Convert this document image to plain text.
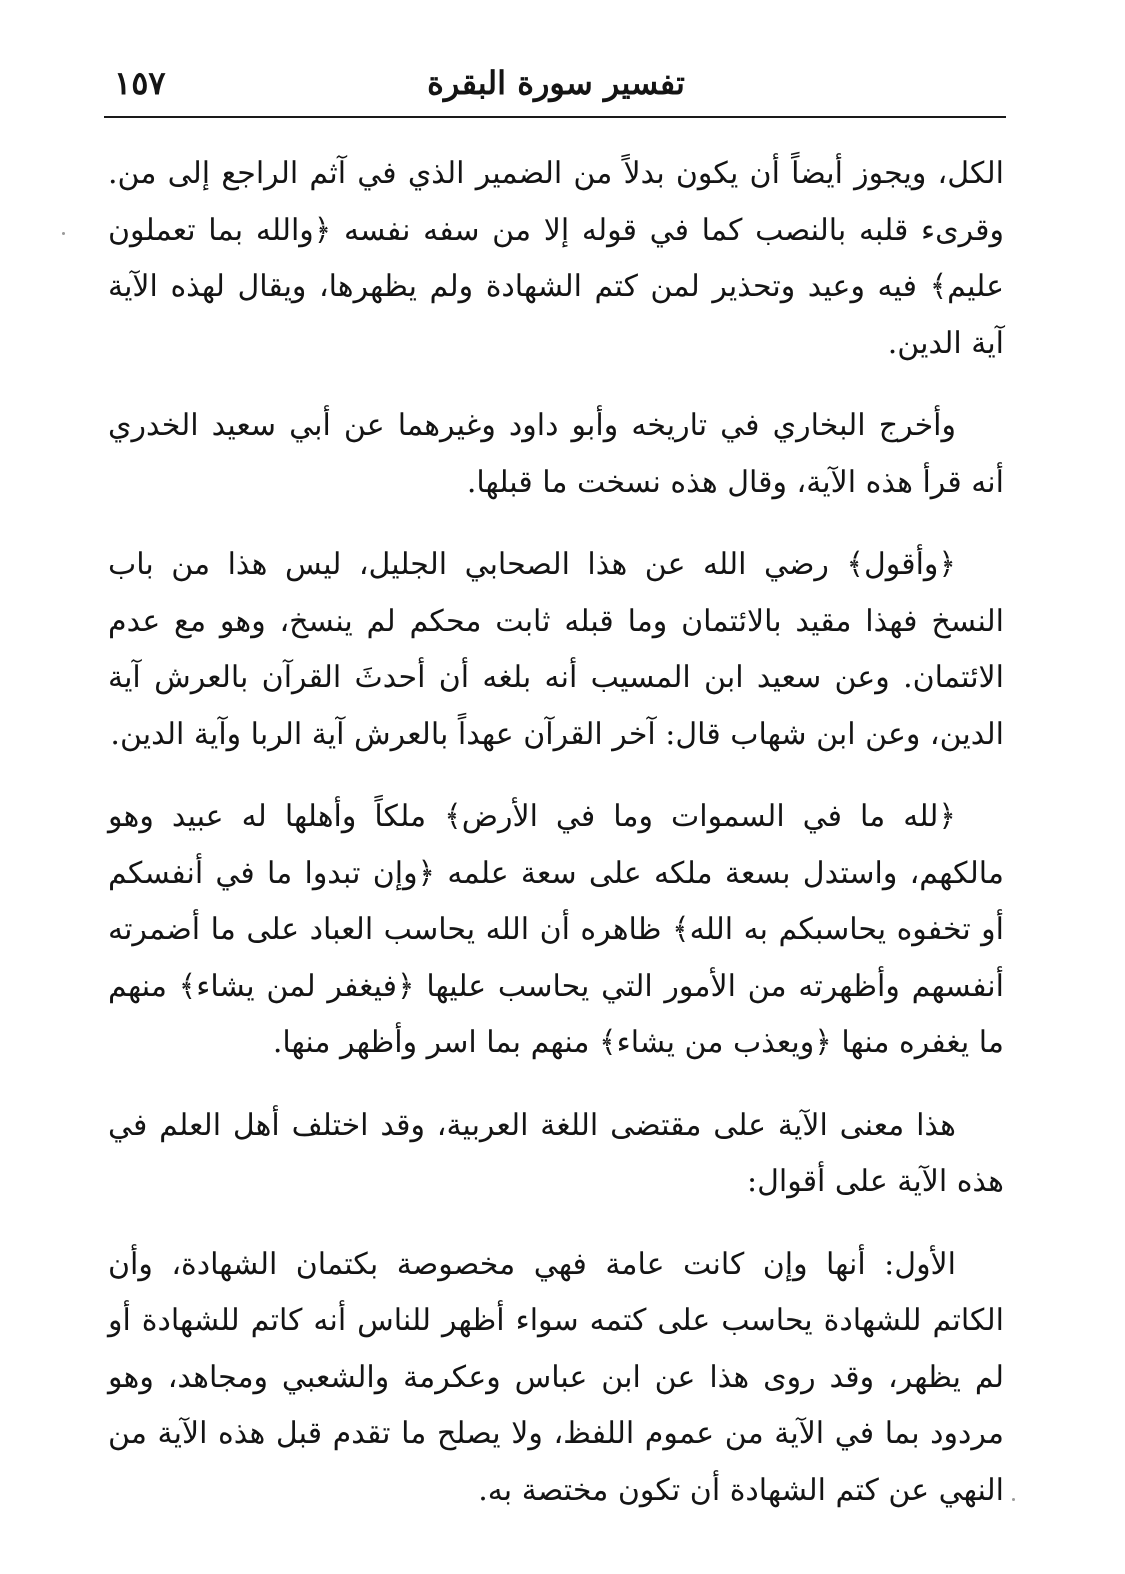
١٥٧	تفسير سورة البقرة

الكل، ويجوز أيضاً أن يكون بدلاً من الضمير الذي في آثم الراجع إلى من. وقرىء قلبه بالنصب كما في قوله إلا من سفه نفسه ﴿والله بما تعملون عليم﴾ فيه وعيد وتحذير لمن كتم الشهادة ولم يظهرها، ويقال لهذه الآية آية الدين.

وأخرج البخاري في تاريخه وأبو داود وغيرهما عن أبي سعيد الخدري أنه قرأ هذه الآية، وقال هذه نسخت ما قبلها.

﴿وأقول﴾ رضي الله عن هذا الصحابي الجليل، ليس هذا من باب النسخ فهذا مقيد بالائتمان وما قبله ثابت محكم لم ينسخ، وهو مع عدم الائتمان. وعن سعيد ابن المسيب أنه بلغه أن أحدثَ القرآن بالعرش آية الدين، وعن ابن شهاب قال: آخر القرآن عهداً بالعرش آية الربا وآية الدين.

﴿لله ما في السموات وما في الأرض﴾ ملكاً وأهلها له عبيد وهو مالكهم، واستدل بسعة ملكه على سعة علمه ﴿وإن تبدوا ما في أنفسكم أو تخفوه يحاسبكم به الله﴾ ظاهره أن الله يحاسب العباد على ما أضمرته أنفسهم وأظهرته من الأمور التي يحاسب عليها ﴿فيغفر لمن يشاء﴾ منهم ما يغفره منها ﴿ويعذب من يشاء﴾ منهم بما اسر وأظهر منها.

هذا معنى الآية على مقتضى اللغة العربية، وقد اختلف أهل العلم في هذه الآية على أقوال:

الأول: أنها وإن كانت عامة فهي مخصوصة بكتمان الشهادة، وأن الكاتم للشهادة يحاسب على كتمه سواء أظهر للناس أنه كاتم للشهادة أو لم يظهر، وقد روى هذا عن ابن عباس وعكرمة والشعبي ومجاهد، وهو مردود بما في الآية من عموم اللفظ، ولا يصلح ما تقدم قبل هذه الآية من النهي عن كتم الشهادة أن تكون مختصة به.
